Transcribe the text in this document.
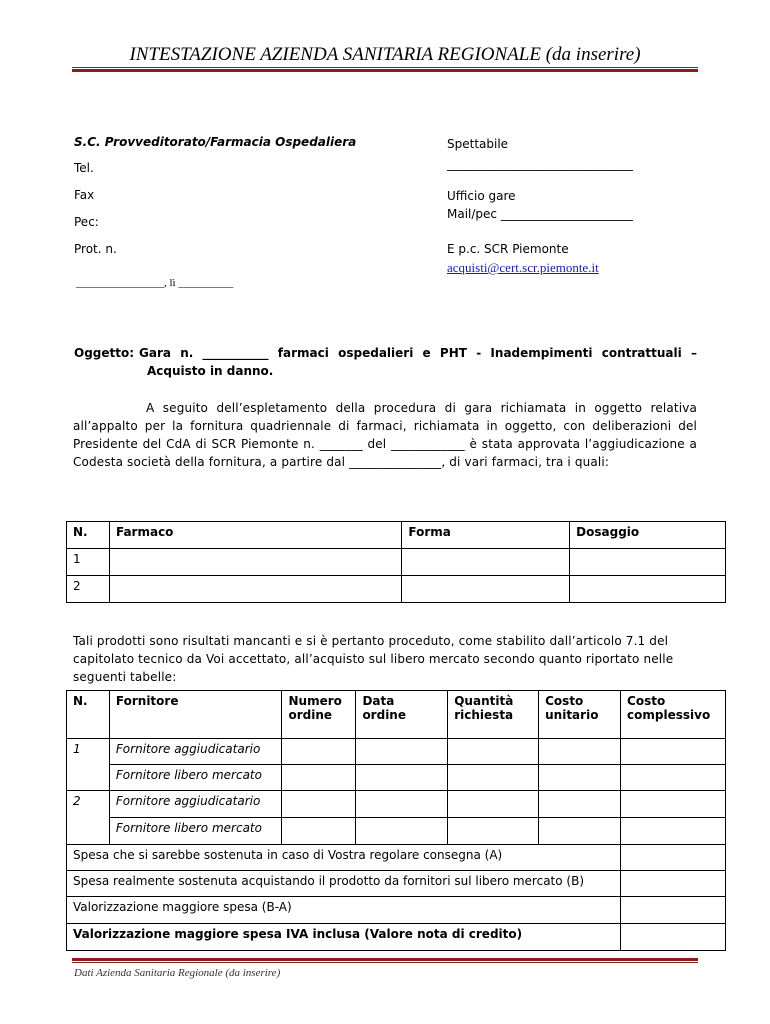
INTESTAZIONE AZIENDA SANITARIA REGIONALE (da inserire)
S.C. Provveditorato/Farmacia Ospedaliera
Tel.
Fax
Pec:
Prot. n.
________________, lì __________
Spettabile
_______________________________
Ufficio gare
Mail/pec ______________________
E p.c. SCR Piemonte
acquisti@cert.scr.piemonte.it
Oggetto: Gara n. ___________ farmaci ospedalieri e PHT - Inadempimenti contrattuali –
Acquisto in danno.
A seguito dell’espletamento della procedura di gara richiamata in oggetto relativa all’appalto per la fornitura quadriennale di farmaci, richiamata in oggetto, con deliberazioni del Presidente del CdA di SCR Piemonte n. _______ del ____________ è stata approvata l’aggiudicazione a Codesta società della fornitura, a partire dal _______________, di vari farmaci, tra i quali:
N.	Farmaco	Forma	Dosaggio
1			
2			
Tali prodotti sono risultati mancanti e si è pertanto proceduto, come stabilito dall’articolo 7.1 del capitolato tecnico da Voi accettato, all’acquisto sul libero mercato secondo quanto riportato nelle seguenti tabelle:
N.	Fornitore	Numero ordine	Data ordine	Quantità richiesta	Costo unitario	Costo complessivo
1	Fornitore aggiudicatario					
	Fornitore libero mercato					
2	Fornitore aggiudicatario					
	Fornitore libero mercato					
Spesa che si sarebbe sostenuta in caso di Vostra regolare consegna (A)						
Spesa realmente sostenuta acquistando il prodotto da fornitori sul libero mercato (B)						
Valorizzazione maggiore spesa (B-A)						
Valorizzazione maggiore spesa IVA inclusa (Valore nota di credito)						
Dati Azienda Sanitaria Regionale (da inserire)
